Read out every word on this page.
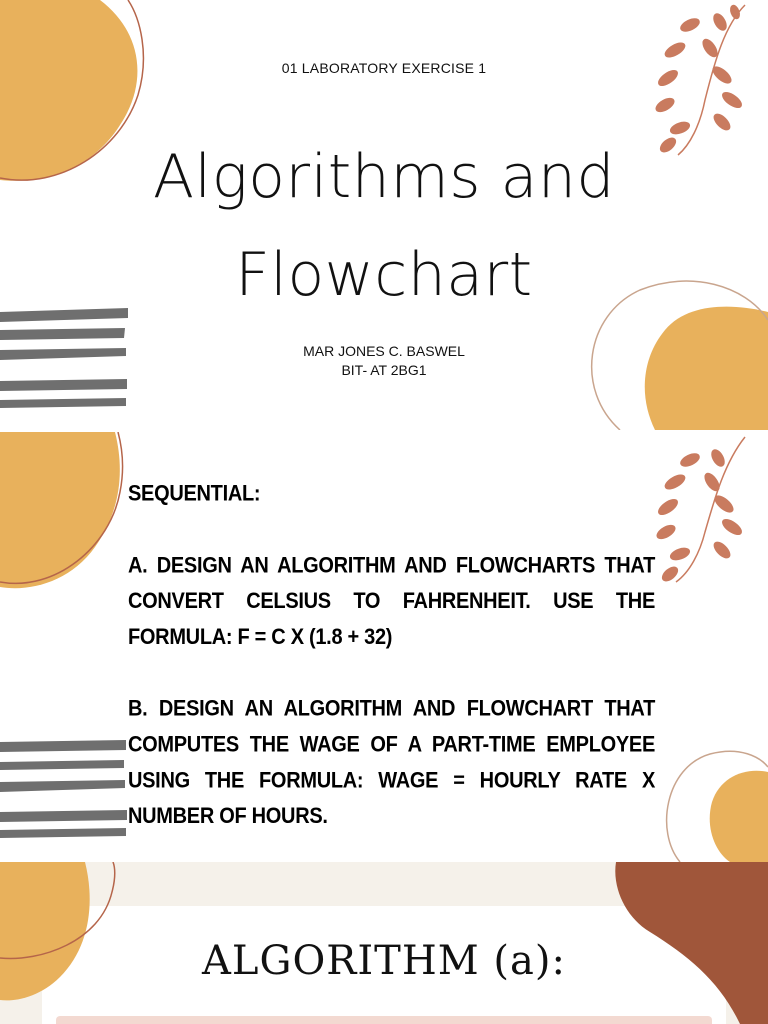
01 LABORATORY EXERCISE 1
Algorithms and
Flowchart
MAR JONES C. BASWEL
BIT- AT 2BG1

SEQUENTIAL:

A. DESIGN AN ALGORITHM AND FLOWCHARTS THAT CONVERT CELSIUS TO FAHRENHEIT. USE THE FORMULA: F = C X (1.8 + 32)

B. DESIGN AN ALGORITHM AND FLOWCHART THAT COMPUTES THE WAGE OF A PART-TIME EMPLOYEE USING THE FORMULA: WAGE = HOURLY RATE X NUMBER OF HOURS.

ALGORITHM (a):
